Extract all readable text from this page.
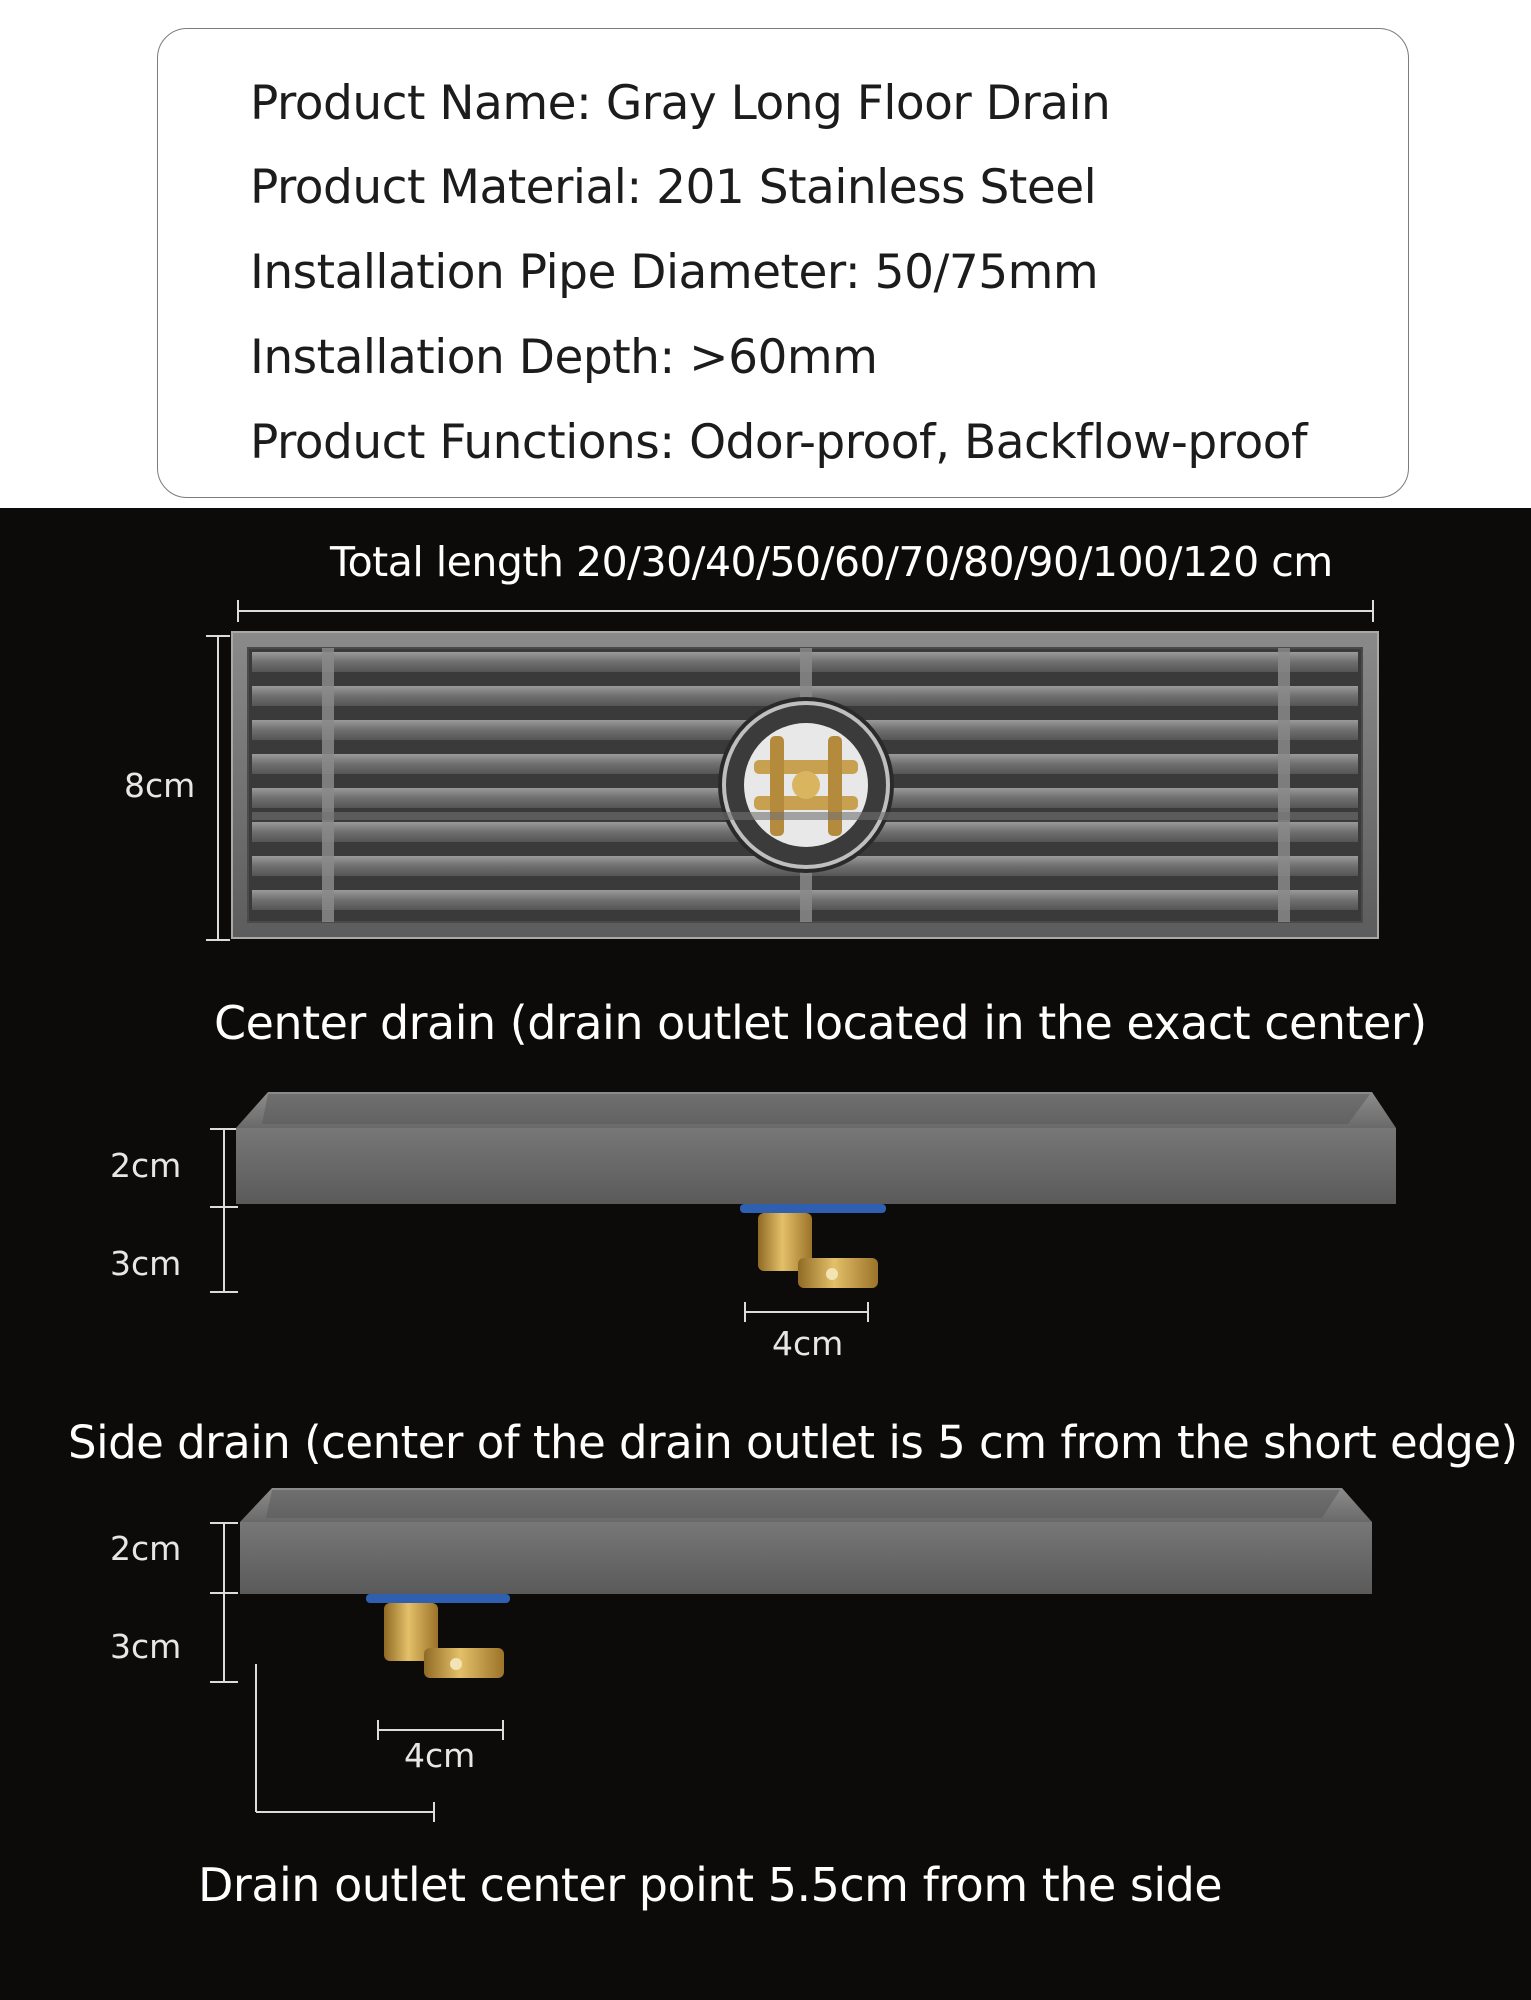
Product Name: Gray Long Floor Drain
Product Material: 201 Stainless Steel
Installation Pipe Diameter: 50/75mm
Installation Depth: >60mm
Product Functions: Odor-proof, Backflow-proof
Total length 20/30/40/50/60/70/80/90/100/120 cm
8cm
Center drain (drain outlet located in the exact center)
2cm
3cm
4cm
Side drain (center of the drain outlet is 5 cm from the short edge)
2cm
3cm
4cm
Drain outlet center point 5.5cm from the side
